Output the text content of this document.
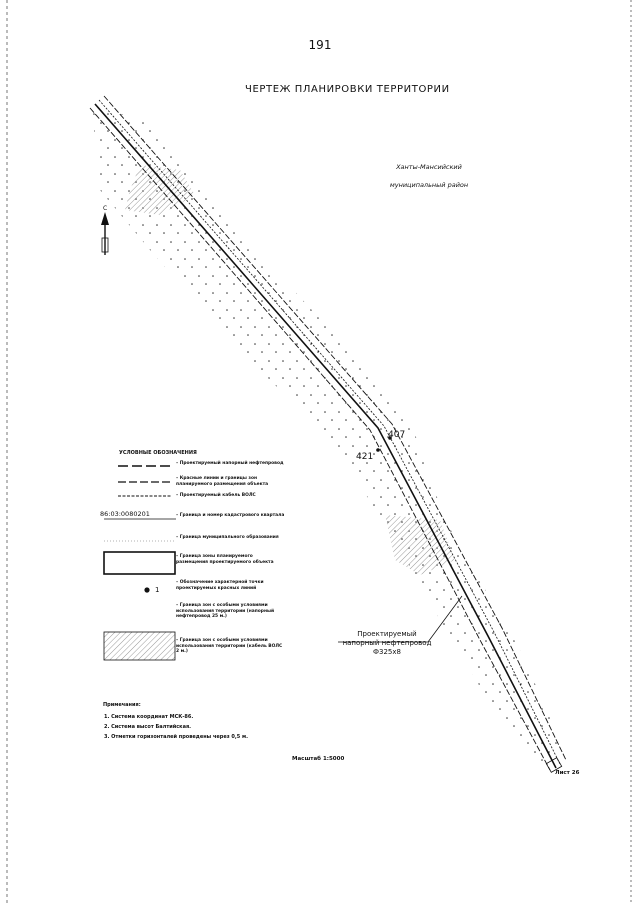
191
ЧЕРТЕЖ ПЛАНИРОВКИ ТЕРРИТОРИИ
Ханты-Мансийский
муниципальный район
С
407
421
Проектируемый
напорный нефтепровод
Ф325х8
УСЛОВНЫЕ ОБОЗНАЧЕНИЯ
– Проектируемый напорный нефтепровод
– Красные линии и границы зон планируемого размещения объекта
– Проектируемый кабель ВОЛС
86:03:0080201	– Граница и номер кадастрового квартала
– Граница муниципального образования
– Граница зоны планируемого размещения проектируемого объекта
1
– Обозначение характерной точки проектируемых красных линий
– Граница зон с особыми условиями использования территории (напорный нефтепровод 25 м.)
– Граница зон с особыми условиями использования территории (кабель ВОЛС 2 м.)
Примечания:
1. Система координат МСК-86.
2. Система высот Балтийская.
3. Отметки горизонталей проведены через 0,5 м.
Масштаб 1:5000
Лист 26
